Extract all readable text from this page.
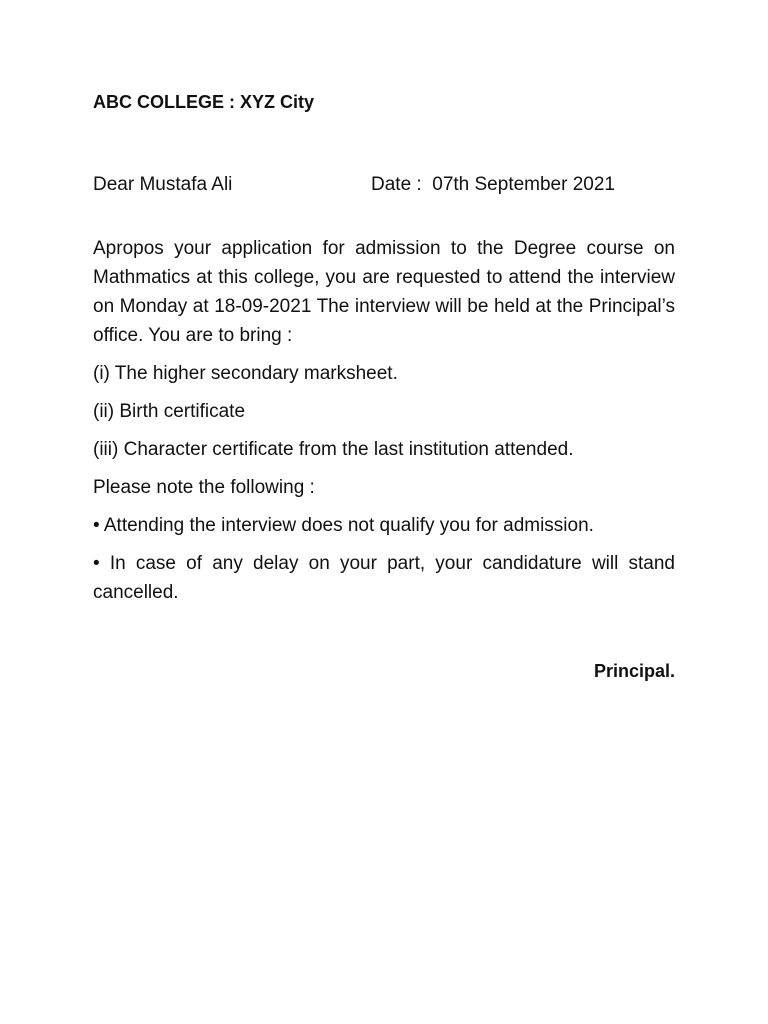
ABC COLLEGE : XYZ City
Dear Mustafa Ali	Date :  07th September 2021

Apropos your application for admission to the Degree course on Mathmatics at this college, you are requested to attend the interview on Monday at 18-09-2021 The interview will be held at the Principal’s office. You are to bring :

(i) The higher secondary marksheet.

(ii) Birth certificate

(iii) Character certificate from the last institution attended.

Please note the following :

• Attending the interview does not qualify you for admission.

• In case of any delay on your part, your candidature will stand cancelled.

Principal.
